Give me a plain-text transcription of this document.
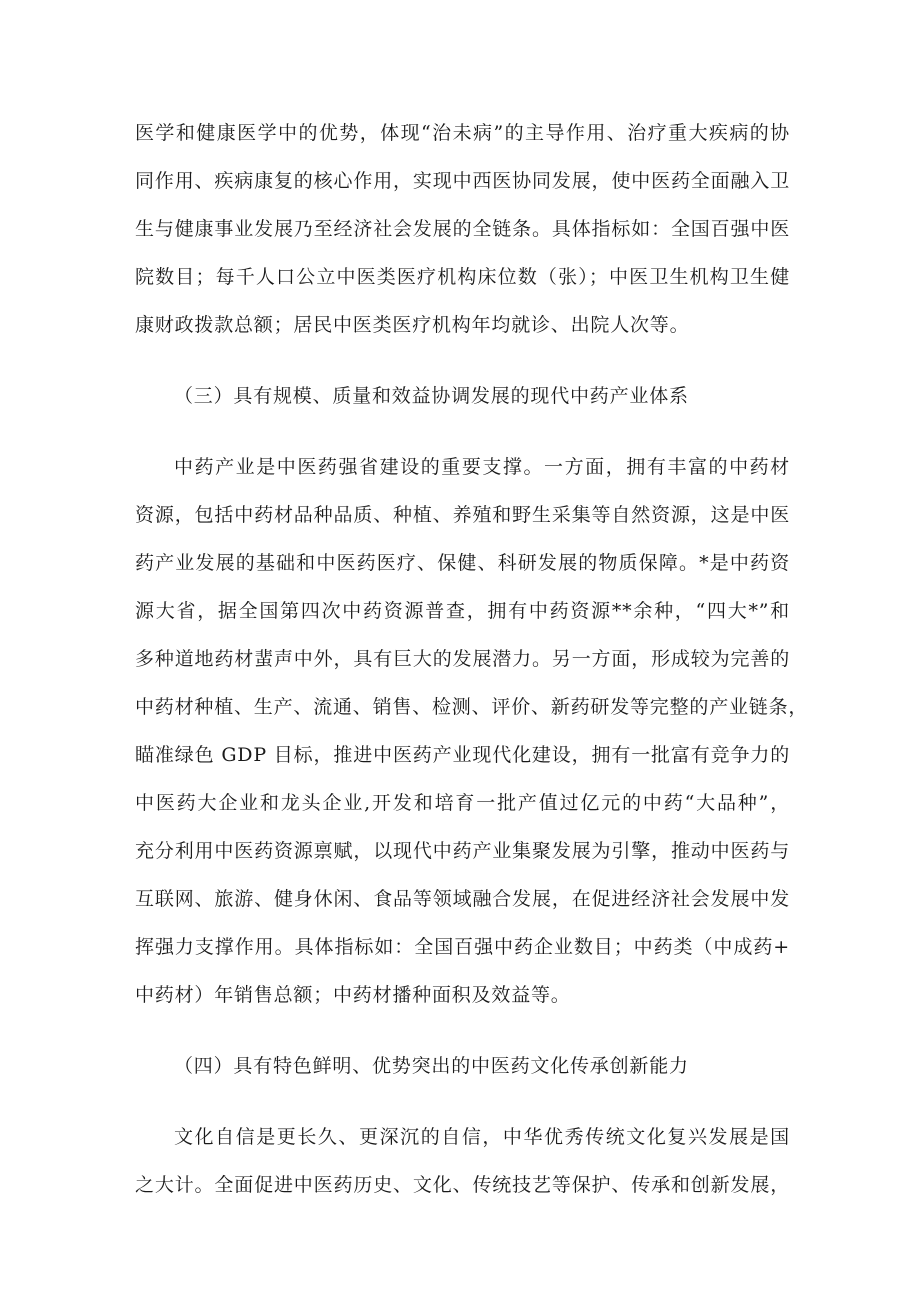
医学和健康医学中的优势，体现“治未病”的主导作用、治疗重大疾病的协
同作用、疾病康复的核心作用，实现中西医协同发展，使中医药全面融入卫
生与健康事业发展乃至经济社会发展的全链条。具体指标如：全国百强中医
院数目；每千人口公立中医类医疗机构床位数（张）；中医卫生机构卫生健
康财政拨款总额；居民中医类医疗机构年均就诊、出院人次等。
（三）具有规模、质量和效益协调发展的现代中药产业体系
中药产业是中医药强省建设的重要支撑。一方面，拥有丰富的中药材
资源，包括中药材品种品质、种植、养殖和野生采集等自然资源，这是中医
药产业发展的基础和中医药医疗、保健、科研发展的物质保障。*是中药资
源大省，据全国第四次中药资源普查，拥有中药资源**余种，“四大*”和
多种道地药材蜚声中外，具有巨大的发展潜力。另一方面，形成较为完善的
中药材种植、生产、流通、销售、检测、评价、新药研发等完整的产业链条，
瞄准绿色 GDP 目标，推进中医药产业现代化建设，拥有一批富有竞争力的
中医药大企业和龙头企业,开发和培育一批产值过亿元的中药“大品种”，
充分利用中医药资源禀赋，以现代中药产业集聚发展为引擎，推动中医药与
互联网、旅游、健身休闲、食品等领域融合发展，在促进经济社会发展中发
挥强力支撑作用。具体指标如：全国百强中药企业数目；中药类（中成药+
中药材）年销售总额；中药材播种面积及效益等。
（四）具有特色鲜明、优势突出的中医药文化传承创新能力
文化自信是更长久、更深沉的自信，中华优秀传统文化复兴发展是国
之大计。全面促进中医药历史、文化、传统技艺等保护、传承和创新发展，
